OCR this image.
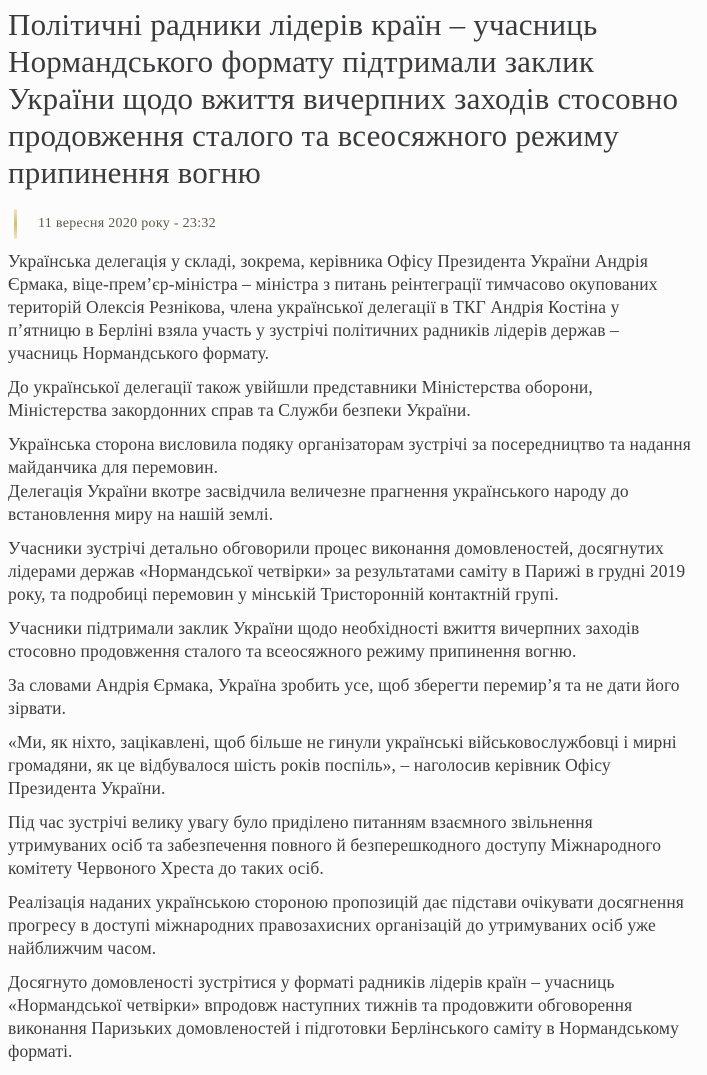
Політичні радники лідерів країн – учасниць Нормандського формату підтримали заклик України щодо вжиття вичерпних заходів стосовно продовження сталого та всеосяжного режиму припинення вогню
11 вересня 2020 року - 23:32

Українська делегація у складі, зокрема, керівника Офісу Президента України Андрія Єрмака, віце-прем’єр-міністра – міністра з питань реінтеграції тимчасово окупованих територій Олексія Резнікова, члена української делегації в ТКГ Андрія Костіна у п’ятницю в Берліні взяла участь у зустрічі політичних радників лідерів держав – учасниць Нормандського формату.

До української делегації також увійшли представники Міністерства оборони, Міністерства закордонних справ та Служби безпеки України.

Українська сторона висловила подяку організаторам зустрічі за посередництво та надання майданчика для перемовин.

Делегація України вкотре засвідчила величезне прагнення українського народу до встановлення миру на нашій землі.

Учасники зустрічі детально обговорили процес виконання домовленостей, досягнутих лідерами держав «Нормандської четвірки» за результатами саміту в Парижі в грудні 2019 року, та подробиці перемовин у мінській Тристоронній контактній групі.

Учасники підтримали заклик України щодо необхідності вжиття вичерпних заходів стосовно продовження сталого та всеосяжного режиму припинення вогню.

За словами Андрія Єрмака, Україна зробить усе, щоб зберегти перемир’я та не дати його зірвати.

«Ми, як ніхто, зацікавлені, щоб більше не гинули українські військовослужбовці і мирні громадяни, як це відбувалося шість років поспіль», – наголосив керівник Офісу Президента України.

Під час зустрічі велику увагу було приділено питанням взаємного звільнення утримуваних осіб та забезпечення повного й безперешкодного доступу Міжнародного комітету Червоного Хреста до таких осіб.

Реалізація наданих українською стороною пропозицій дає підстави очікувати досягнення прогресу в доступі міжнародних правозахисних організацій до утримуваних осіб уже найближчим часом.

Досягнуто домовленості зустрітися у форматі радників лідерів країн – учасниць «Нормандської четвірки» впродовж наступних тижнів та продовжити обговорення виконання Паризьких домовленостей і підготовки Берлінського саміту в Нормандському форматі.
